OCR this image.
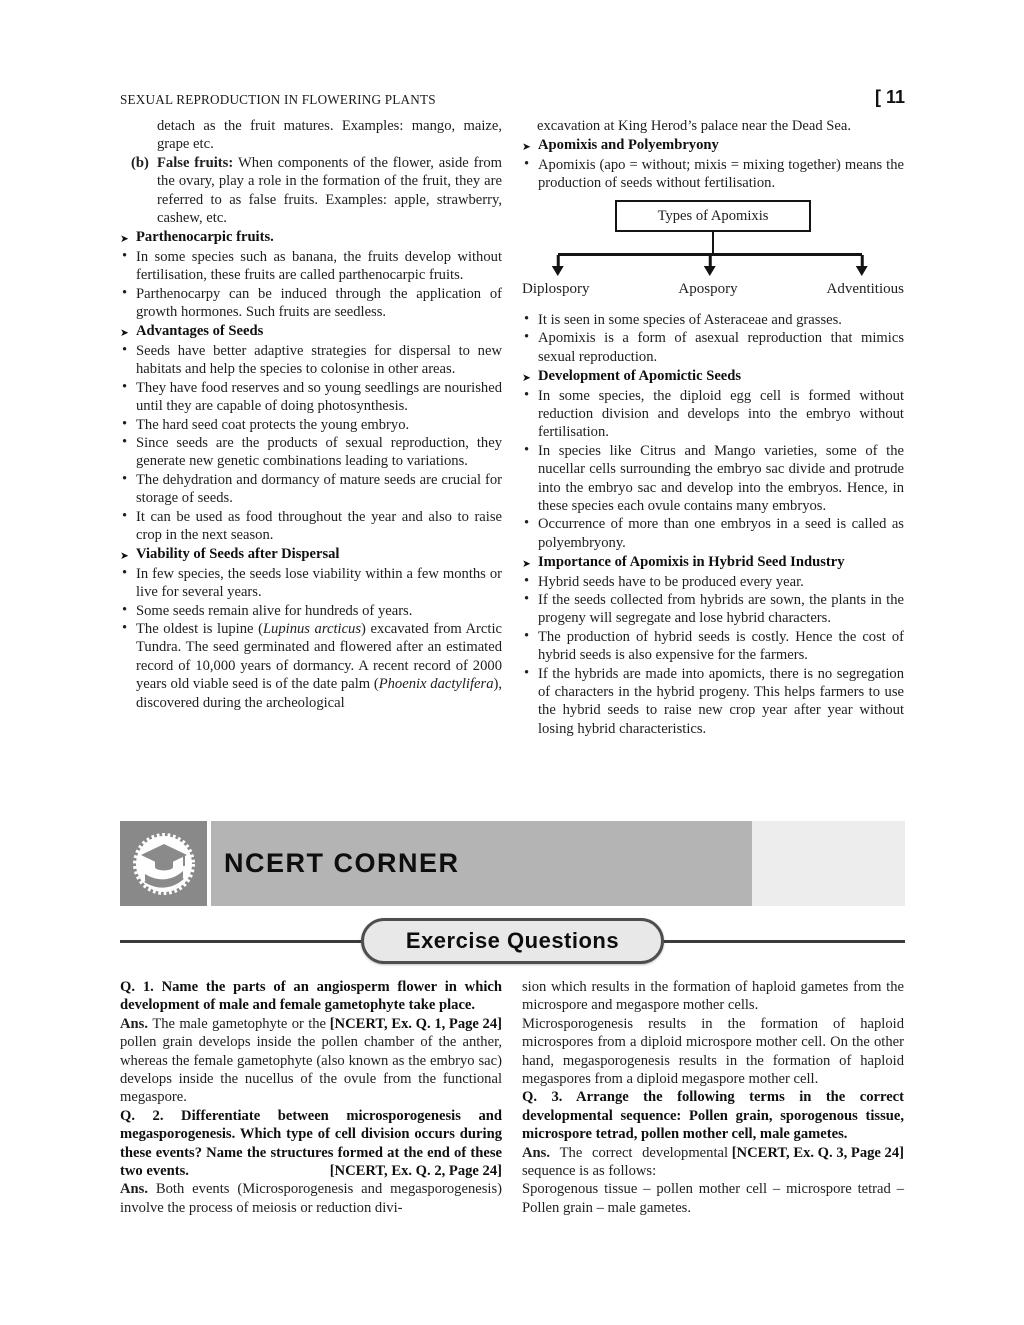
SEXUAL REPRODUCTION IN FLOWERING PLANTS	[ 11
detach as the fruit matures. Examples: mango, maize, grape etc.
(b) False fruits: When components of the flower, aside from the ovary, play a role in the formation of the fruit, they are referred to as false fruits. Examples: apple, strawberry, cashew, etc.
➤ Parthenocarpic fruits.
• In some species such as banana, the fruits develop without fertilisation, these fruits are called parthenocarpic fruits.
• Parthenocarpy can be induced through the application of growth hormones. Such fruits are seedless.
➤ Advantages of Seeds
• Seeds have better adaptive strategies for dispersal to new habitats and help the species to colonise in other areas.
• They have food reserves and so young seedlings are nourished until they are capable of doing photosynthesis.
• The hard seed coat protects the young embryo.
• Since seeds are the products of sexual reproduction, they generate new genetic combinations leading to variations.
• The dehydration and dormancy of mature seeds are crucial for storage of seeds.
• It can be used as food throughout the year and also to raise crop in the next season.
➤ Viability of Seeds after Dispersal
• In few species, the seeds lose viability within a few months or live for several years.
• Some seeds remain alive for hundreds of years.
• The oldest is lupine (Lupinus arcticus) excavated from Arctic Tundra. The seed germinated and flowered after an estimated record of 10,000 years of dormancy. A recent record of 2000 years old viable seed is of the date palm (Phoenix dactylifera), discovered during the archeological
excavation at King Herod’s palace near the Dead Sea.
➤ Apomixis and Polyembryony
• Apomixis (apo = without; mixis = mixing together) means the production of seeds without fertilisation.
Types of Apomixis
Diplospory	Apospory	Adventitious
• It is seen in some species of Asteraceae and grasses.
• Apomixis is a form of asexual reproduction that mimics sexual reproduction.
➤ Development of Apomictic Seeds
• In some species, the diploid egg cell is formed without reduction division and develops into the embryo without fertilisation.
• In species like Citrus and Mango varieties, some of the nucellar cells surrounding the embryo sac divide and protrude into the embryo sac and develop into the embryos. Hence, in these species each ovule contains many embryos.
• Occurrence of more than one embryos in a seed is called as polyembryony.
➤ Importance of Apomixis in Hybrid Seed Industry
• Hybrid seeds have to be produced every year.
• If the seeds collected from hybrids are sown, the plants in the progeny will segregate and lose hybrid characters.
• The production of hybrid seeds is costly. Hence the cost of hybrid seeds is also expensive for the farmers.
• If the hybrids are made into apomicts, there is no segregation of characters in the hybrid progeny. This helps farmers to use the hybrid seeds to raise new crop year after year without losing hybrid characteristics.
NCERT CORNER
Exercise Questions
Q. 1. Name the parts of an angiosperm flower in which development of male and female gametophyte take place.
[NCERT, Ex. Q. 1, Page 24]
Ans. The male gametophyte or the pollen grain develops inside the pollen chamber of the anther, whereas the female gametophyte (also known as the embryo sac) develops inside the nucellus of the ovule from the functional megaspore.
Q. 2. Differentiate between microsporogenesis and megasporogenesis. Which type of cell division occurs during these events? Name the structures formed at the end of these two events.	[NCERT, Ex. Q. 2, Page 24]
Ans. Both events (Microsporogenesis and megasporogenesis) involve the process of meiosis or reduction divi-
sion which results in the formation of haploid gametes from the microspore and megaspore mother cells.
Microsporogenesis results in the formation of haploid microspores from a diploid microspore mother cell. On the other hand, megasporogenesis results in the formation of haploid megaspores from a diploid megaspore mother cell.
Q. 3. Arrange the following terms in the correct developmental sequence: Pollen grain, sporogenous tissue, microspore tetrad, pollen mother cell, male gametes.
[NCERT, Ex. Q. 3, Page 24]
Ans. The correct developmental sequence is as follows:
Sporogenous tissue – pollen mother cell – microspore tetrad – Pollen grain – male gametes.
